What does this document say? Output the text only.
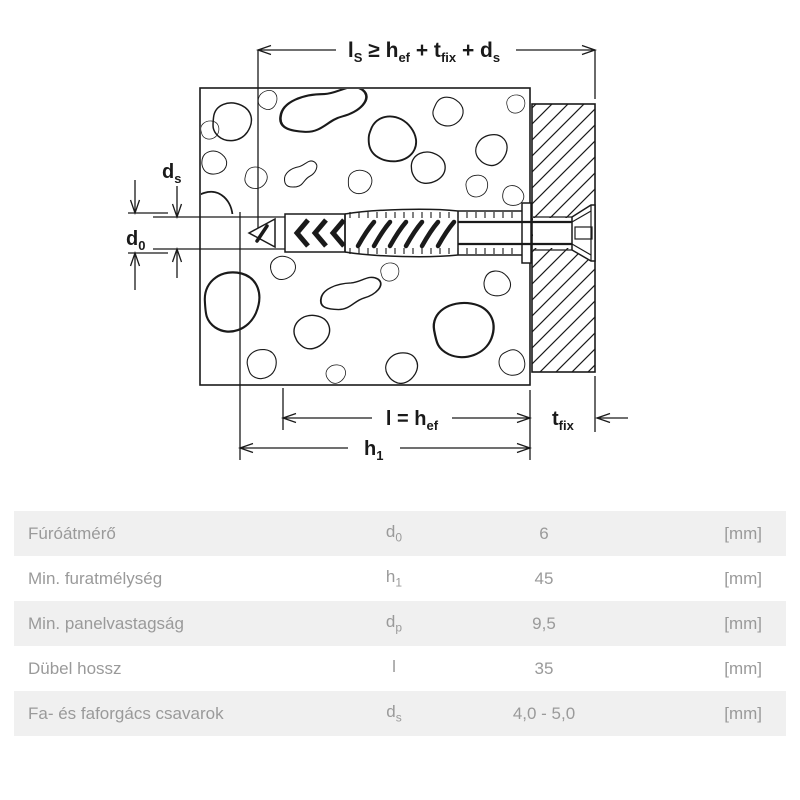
$l_S \ge h_{ef} + t_{fix} + d_s$
$d_s$
$d_0$
$l = h_{ef}$
$h_1$
$t_{fix}$
Fúróátmérő	$d_0$	6	[mm]
Min. furatmélység	$h_1$	45	[mm]
Min. panelvastagság	$d_p$	9,5	[mm]
Dübel hossz	l	35	[mm]
Fa- és faforgács csavarok	$d_s$	4,0 - 5,0	[mm]
